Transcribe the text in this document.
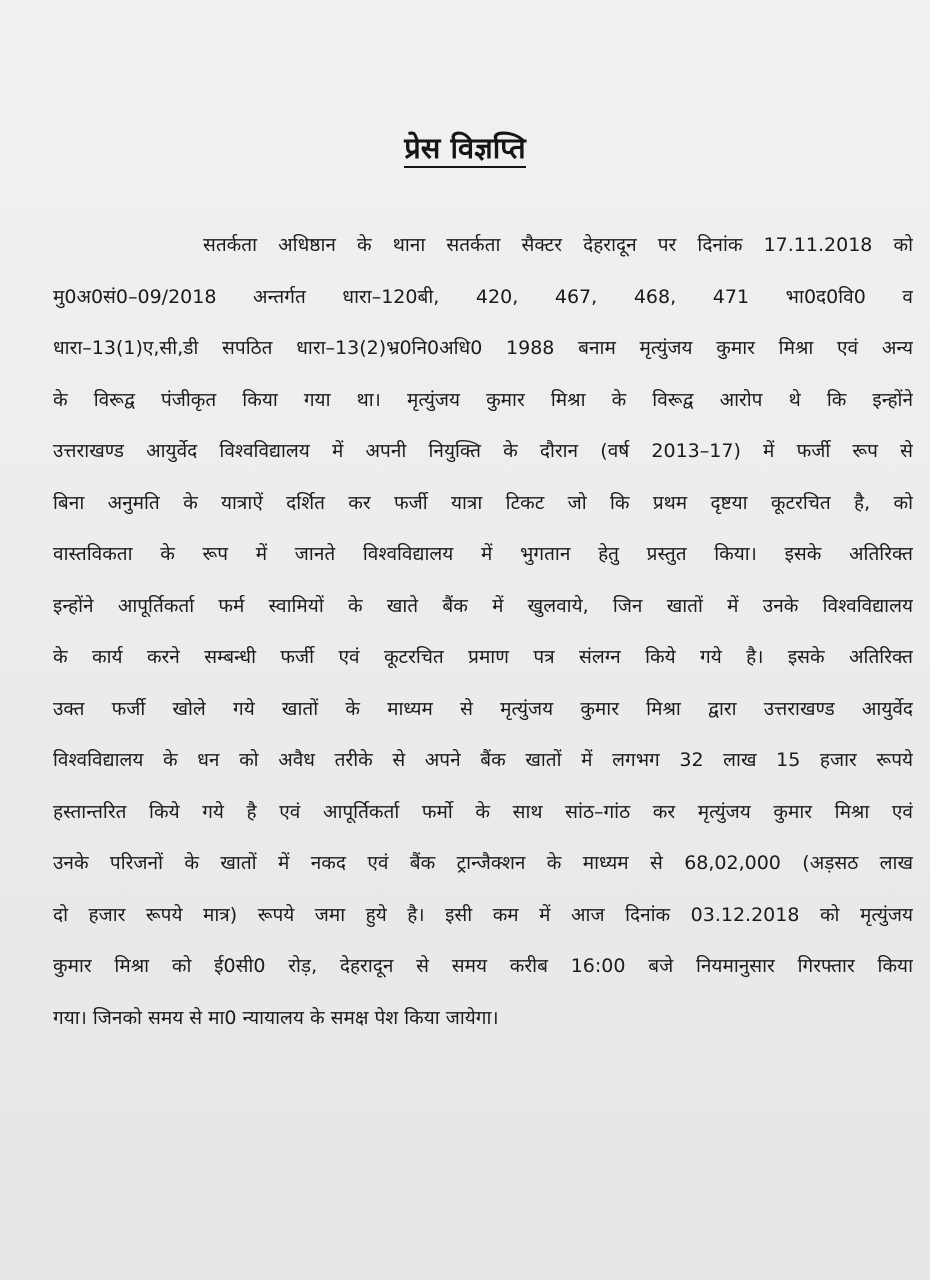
प्रेस विज्ञप्ति
सतर्कता अधिष्ठान के थाना सतर्कता सैक्टर देहरादून पर दिनांक 17.11.2018 को
मु0अ0सं0–09/2018 अन्तर्गत धारा–120बी, 420, 467, 468, 471 भा0द0वि0 व
धारा–13(1)ए,सी,डी सपठित धारा–13(2)भ्र0नि0अधि0 1988 बनाम मृत्युंजय कुमार मिश्रा एवं अन्य
के विरूद्व पंजीकृत किया गया था। मृत्युंजय कुमार मिश्रा के विरूद्व आरोप थे कि इन्होंने
उत्तराखण्ड आयुर्वेद विश्वविद्यालय में अपनी नियुक्ति के दौरान (वर्ष 2013–17) में फर्जी रूप से
बिना अनुमति के यात्राऐं दर्शित कर फर्जी यात्रा टिकट जो कि प्रथम दृष्टया कूटरचित है, को
वास्तविकता के रूप में जानते विश्वविद्यालय में भुगतान हेतु प्रस्तुत किया। इसके अतिरिक्त
इन्होंने आपूर्तिकर्ता फर्म स्वामियों के खाते बैंक में खुलवाये, जिन खातों में उनके विश्वविद्यालय
के कार्य करने सम्बन्धी फर्जी एवं कूटरचित प्रमाण पत्र संलग्न किये गये है। इसके अतिरिक्त
उक्त फर्जी खोले गये खातों के माध्यम से मृत्युंजय कुमार मिश्रा द्वारा उत्तराखण्ड आयुर्वेद
विश्वविद्यालय के धन को अवैध तरीके से अपने बैंक खातों में लगभग 32 लाख 15 हजार रूपये
हस्तान्तरित किये गये है एवं आपूर्तिकर्ता फर्मो के साथ सांठ–गांठ कर मृत्युंजय कुमार मिश्रा एवं
उनके परिजनों के खातों में नकद एवं बैंक ट्रान्जैक्शन के माध्यम से 68,02,000 (अड़सठ लाख
दो हजार रूपये मात्र) रूपये जमा हुये है। इसी कम में आज दिनांक 03.12.2018 को मृत्युंजय
कुमार मिश्रा को ई0सी0 रोड़, देहरादून से समय करीब 16:00 बजे नियमानुसार गिरफ्तार किया
गया। जिनको समय से मा0 न्यायालय के समक्ष पेश किया जायेगा।
